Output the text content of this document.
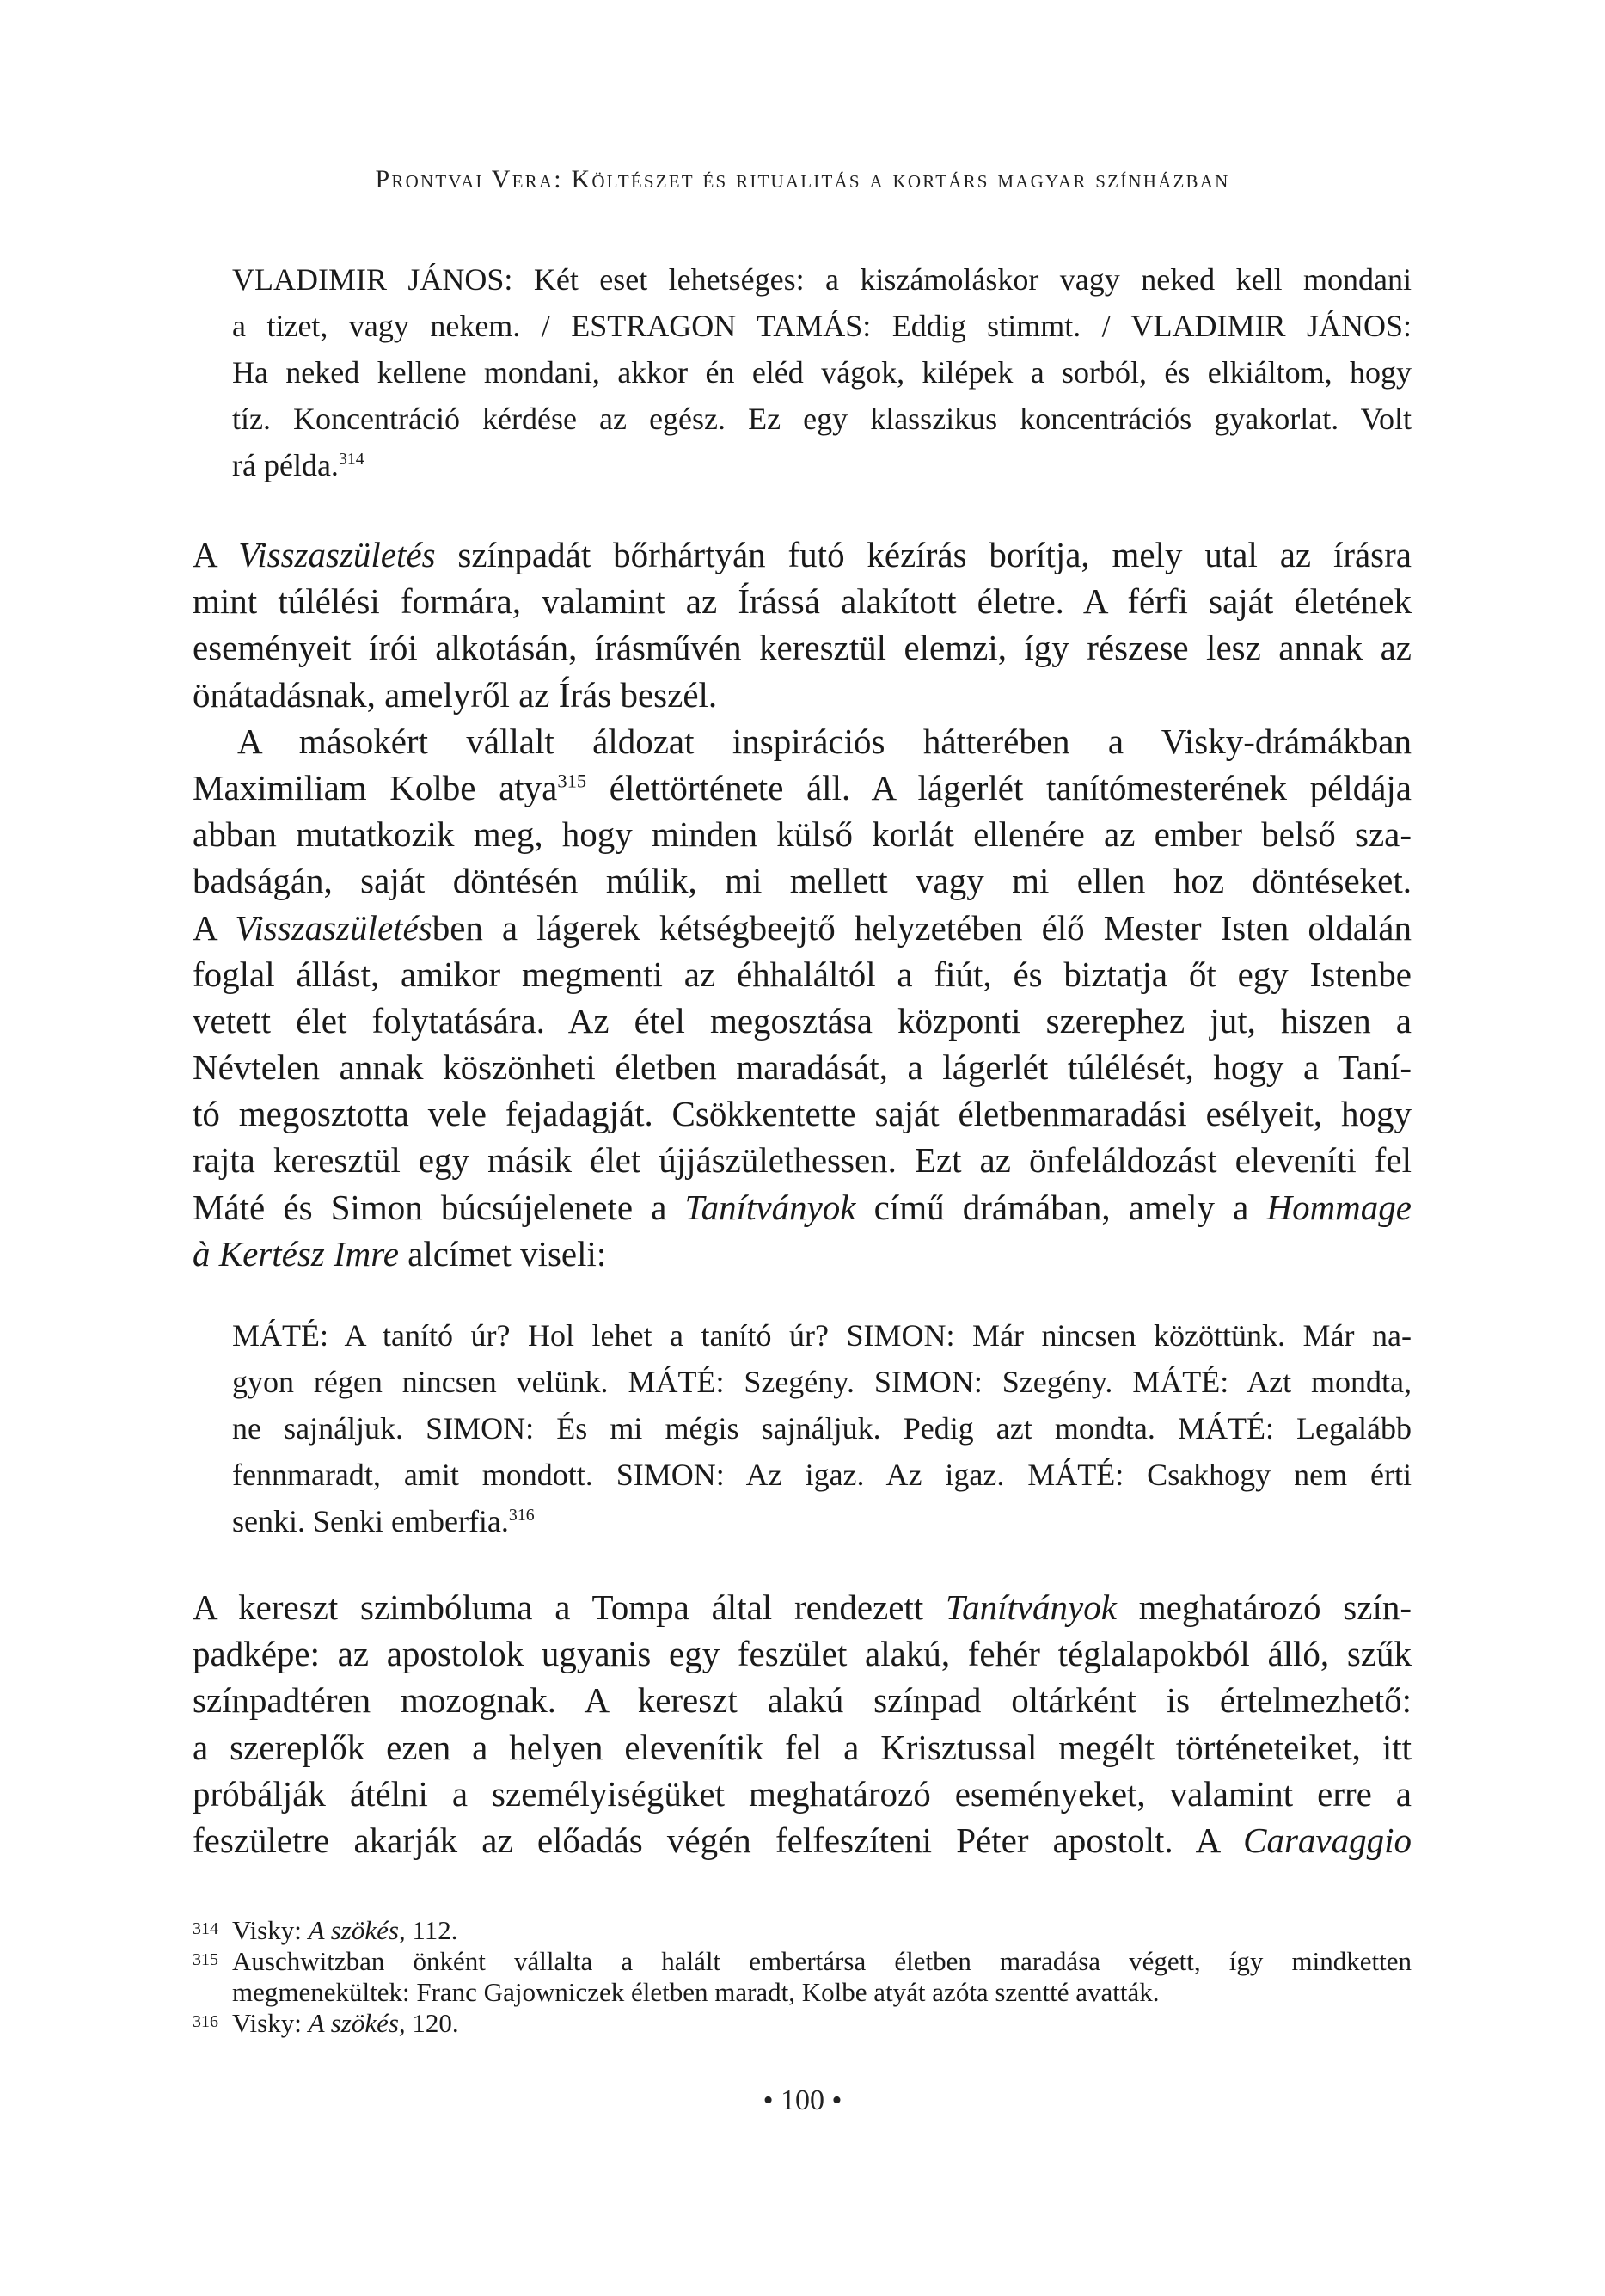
Prontvai Vera: Költészet és ritualitás a kortárs magyar színházban
VLADIMIR JÁNOS: Két eset lehetséges: a kiszámoláskor vagy neked kell mondani
a tizet, vagy nekem. / ESTRAGON TAMÁS: Eddig stimmt. / VLADIMIR JÁNOS:
Ha neked kellene mondani, akkor én eléd vágok, kilépek a sorból, és elkiáltom, hogy
tíz. Koncentráció kérdése az egész. Ez egy klasszikus koncentrációs gyakorlat. Volt
rá példa.$^{314}$
A Visszaszületés színpadát bőrhártyán futó kézírás borítja, mely utal az írásra
mint túlélési formára, valamint az Írássá alakított életre. A férfi saját életének
eseményeit írói alkotásán, írásművén keresztül elemzi, így részese lesz annak az
önátadásnak, amelyről az Írás beszél.
A másokért vállalt áldozat inspirációs hátterében a Visky-drámákban
Maximiliam Kolbe atya$^{315}$ élettörténete áll. A lágerlét tanítómesterének példája
abban mutatkozik meg, hogy minden külső korlát ellenére az ember belső sza-
badságán, saját döntésén múlik, mi mellett vagy mi ellen hoz döntéseket.
A Visszaszületésben a lágerek kétségbeejtő helyzetében élő Mester Isten oldalán
foglal állást, amikor megmenti az éhhaláltól a fiút, és biztatja őt egy Istenbe
vetett élet folytatására. Az étel megosztása központi szerephez jut, hiszen a
Névtelen annak köszönheti életben maradását, a lágerlét túlélését, hogy a Taní-
tó megosztotta vele fejadagját. Csökkentette saját életbenmaradási esélyeit, hogy
rajta keresztül egy másik élet újjászülethessen. Ezt az önfeláldozást eleveníti fel
Máté és Simon búcsújelenete a Tanítványok című drámában, amely a Hommage
à Kertész Imre alcímet viseli:
MÁTÉ: A tanító úr? Hol lehet a tanító úr? SIMON: Már nincsen közöttünk. Már na-
gyon régen nincsen velünk. MÁTÉ: Szegény. SIMON: Szegény. MÁTÉ: Azt mondta,
ne sajnáljuk. SIMON: És mi mégis sajnáljuk. Pedig azt mondta. MÁTÉ: Legalább
fennmaradt, amit mondott. SIMON: Az igaz. Az igaz. MÁTÉ: Csakhogy nem érti
senki. Senki emberfia.$^{316}$
A kereszt szimbóluma a Tompa által rendezett Tanítványok meghatározó szín-
padképe: az apostolok ugyanis egy feszület alakú, fehér téglalapokból álló, szűk
színpadtéren mozognak. A kereszt alakú színpad oltárként is értelmezhető:
a szereplők ezen a helyen elevenítik fel a Krisztussal megélt történeteiket, itt
próbálják átélni a személyiségüket meghatározó eseményeket, valamint erre a
feszületre akarják az előadás végén felfeszíteni Péter apostolt. A Caravaggio
314 Visky: A szökés, 112.
315 Auschwitzban önként vállalta a halált embertársa életben maradása végett, így mindketten
megmenekültek: Franc Gajowniczek életben maradt, Kolbe atyát azóta szentté avatták.
316 Visky: A szökés, 120.
• 100 •
